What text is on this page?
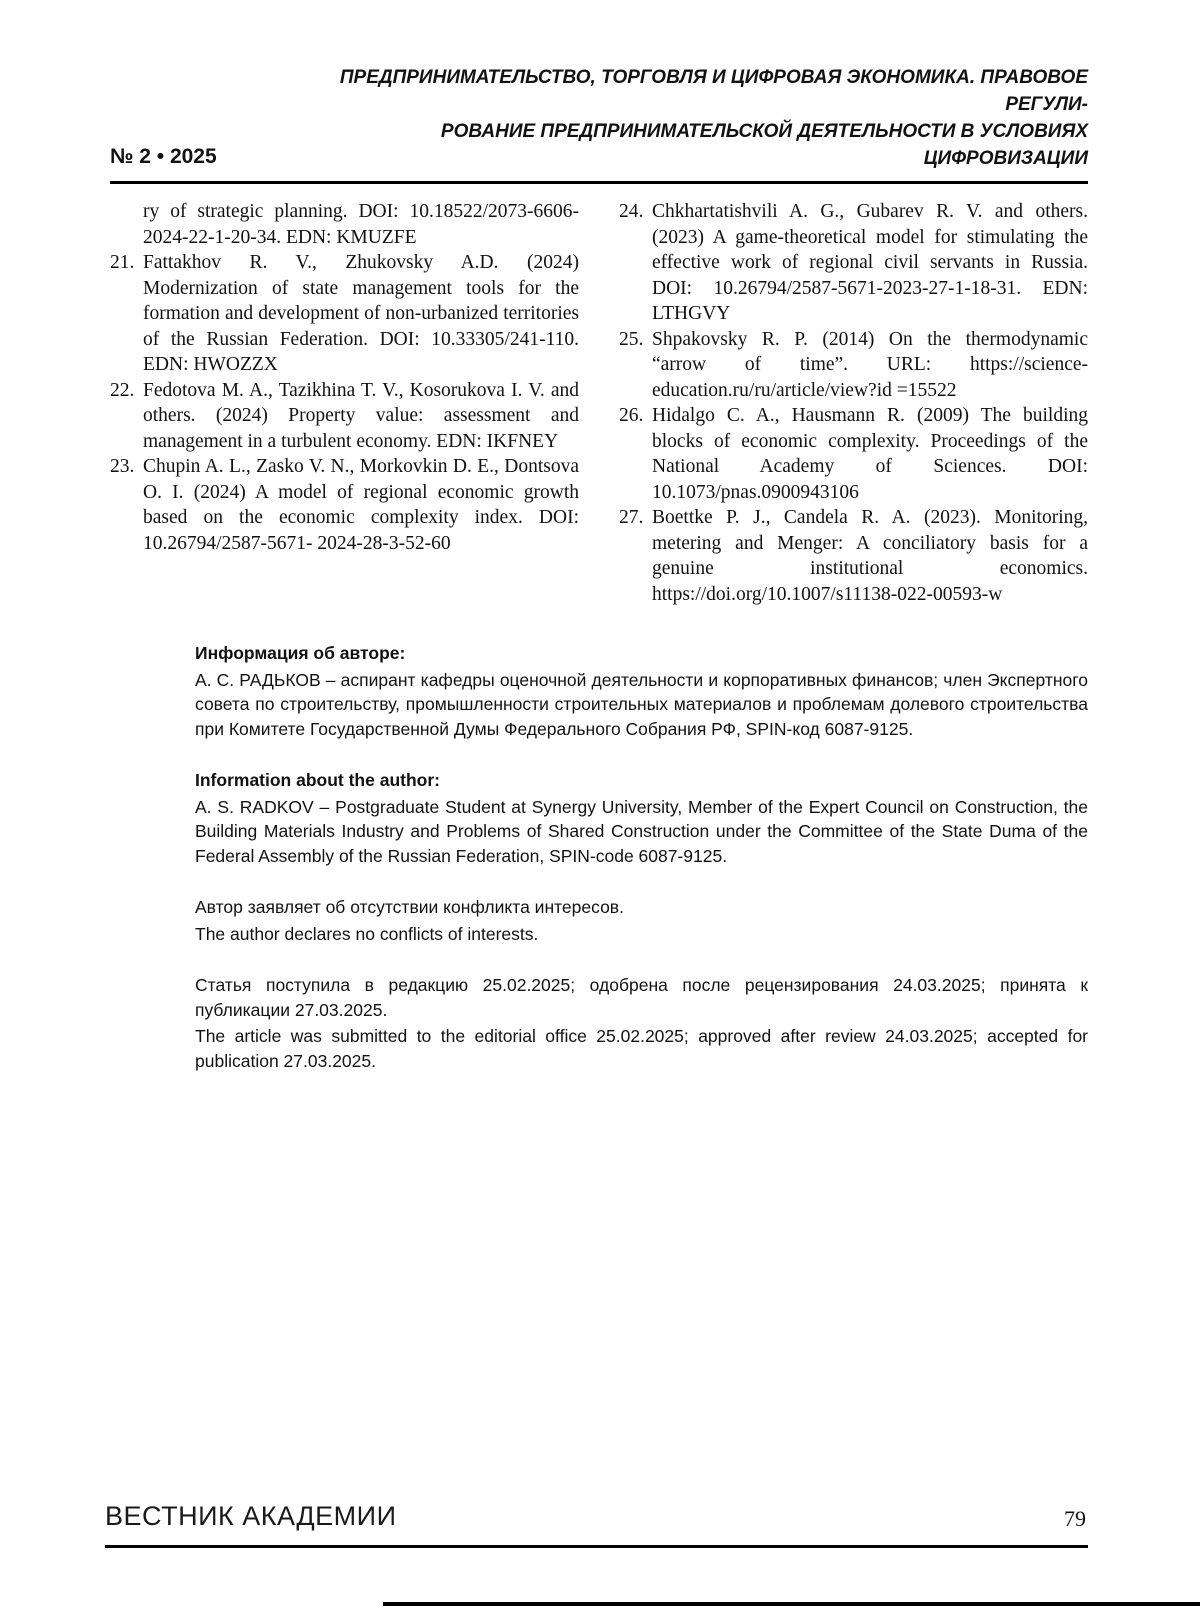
№ 2 • 2025
ПРЕДПРИНИМАТЕЛЬСТВО, ТОРГОВЛЯ И ЦИФРОВАЯ ЭКОНОМИКА. ПРАВОВОЕ РЕГУЛИ-
РОВАНИЕ ПРЕДПРИНИМАТЕЛЬСКОЙ ДЕЯТЕЛЬНОСТИ В УСЛОВИЯХ ЦИФРОВИЗАЦИИ
ry of strategic planning. DOI: 10.18522/2073-6606-2024-22-1-20-34. EDN: KMUZFE
21. Fattakhov R. V., Zhukovsky A.D. (2024) Modernization of state management tools for the formation and development of non-urbanized territories of the Russian Federation. DOI: 10.33305/241-110. EDN: HWOZZX
22. Fedotova M. A., Tazikhina T. V., Kosorukova I. V. and others. (2024) Property value: assessment and management in a turbulent economy. EDN: IKFNEY
23. Chupin A. L., Zasko V. N., Morkovkin D. E., Dontsova O. I. (2024) A model of regional economic growth based on the economic complexity index. DOI: 10.26794/2587-5671- 2024-28-3-52-60
24. Chkhartatishvili A. G., Gubarev R. V. and others. (2023) A game-theoretical model for stimulating the effective work of regional civil servants in Russia. DOI: 10.26794/2587-5671-2023-27-1-18-31. EDN: LTHGVY
25. Shpakovsky R. P. (2014) On the thermodynamic “arrow of time”. URL: https://science-education.ru/ru/article/view?id =15522
26. Hidalgo C. A., Hausmann R. (2009) The building blocks of economic complexity. Proceedings of the National Academy of Sciences. DOI: 10.1073/pnas.0900943106
27. Boettke P. J., Candela R. A. (2023). Monitoring, metering and Menger: A conciliatory basis for a genuine institutional economics. https://doi.org/10.1007/s11138-022-00593-w

Информация об авторе:

А. С. РАДЬКОВ – аспирант кафедры оценочной деятельности и корпоративных финансов; член Экспертного совета по строительству, промышленности строительных материалов и проблемам долевого строительства при Комитете Государственной Думы Федерального Собрания РФ, SPIN-код 6087-9125.

Information about the author:

A. S. RADKOV – Postgraduate Student at Synergy University, Member of the Expert Council on Construction, the Building Materials Industry and Problems of Shared Construction under the Committee of the State Duma of the Federal Assembly of the Russian Federation, SPIN-code 6087-9125.

Автор заявляет об отсутствии конфликта интересов.

The author declares no conflicts of interests.

Статья поступила в редакцию 25.02.2025; одобрена после рецензирования 24.03.2025; принята к публикации 27.03.2025.

The article was submitted to the editorial office 25.02.2025; approved after review 24.03.2025; accepted for publication 27.03.2025.

ВЕСТНИК АКАДЕМИИ	79
